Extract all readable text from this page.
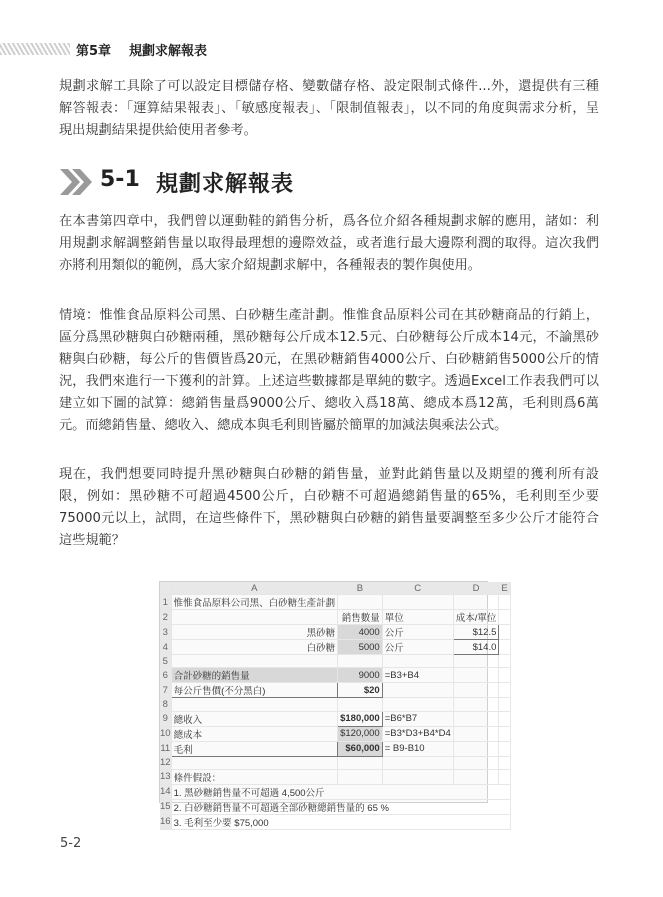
第5章 規劃求解報表
規劃求解工具除了可以設定目標儲存格、變數儲存格、設定限制式條件...外，還提供有三種解答報表：「運算結果報表」、「敏感度報表」、「限制值報表」，以不同的角度與需求分析，呈現出規劃結果提供給使用者參考。
5-1 規劃求解報表
在本書第四章中，我們曾以運動鞋的銷售分析，爲各位介紹各種規劃求解的應用，諸如：利用規劃求解調整銷售量以取得最理想的邊際效益，或者進行最大邊際利潤的取得。這次我們亦將利用類似的範例，爲大家介紹規劃求解中，各種報表的製作與使用。
情境：惟惟食品原料公司黑、白砂糖生產計劃。惟惟食品原料公司在其砂糖商品的行銷上，區分爲黑砂糖與白砂糖兩種，黑砂糖每公斤成本12.5元、白砂糖每公斤成本14元，不論黑砂糖與白砂糖，每公斤的售價皆爲20元，在黑砂糖銷售4000公斤、白砂糖銷售5000公斤的情況，我們來進行一下獲利的計算。上述這些數據都是單純的數字。透過Excel工作表我們可以建立如下圖的試算：總銷售量爲9000公斤、總收入爲18萬、總成本爲12萬，毛利則爲6萬元。而總銷售量、總收入、總成本與毛利則皆屬於簡單的加減法與乘法公式。
現在，我們想要同時提升黑砂糖與白砂糖的銷售量，並對此銷售量以及期望的獲利所有設限，例如：黑砂糖不可超過4500公斤，白砂糖不可超過總銷售量的65%，毛利則至少要75000元以上，試問，在這些條件下，黑砂糖與白砂糖的銷售量要調整至多少公斤才能符合這些規範？
	A	B	C	D	E
1	惟惟食品原料公司黑、白砂糖生產計劃				
2		銷售數量	單位	成本/單位	
3	黑砂糖	4000	公斤	$12.5	
4	白砂糖	5000	公斤	$14.0	
5					
6	合計砂糖的銷售量	9000	=B3+B4		
7	每公斤售價(不分黑白)	$20			
8					
9	總收入	$180,000	=B6*B7		
10	總成本	$120,000	=B3*D3+B4*D4		
11	毛利	$60,000	= B9-B10		
12					
13	條件假設：				
14	1. 黑砂糖銷售量不可超過 4,500公斤				
15	2. 白砂糖銷售量不可超過全部砂糖總銷售量的 65 %				
16	3. 毛利至少要 $75,000				
5-2
